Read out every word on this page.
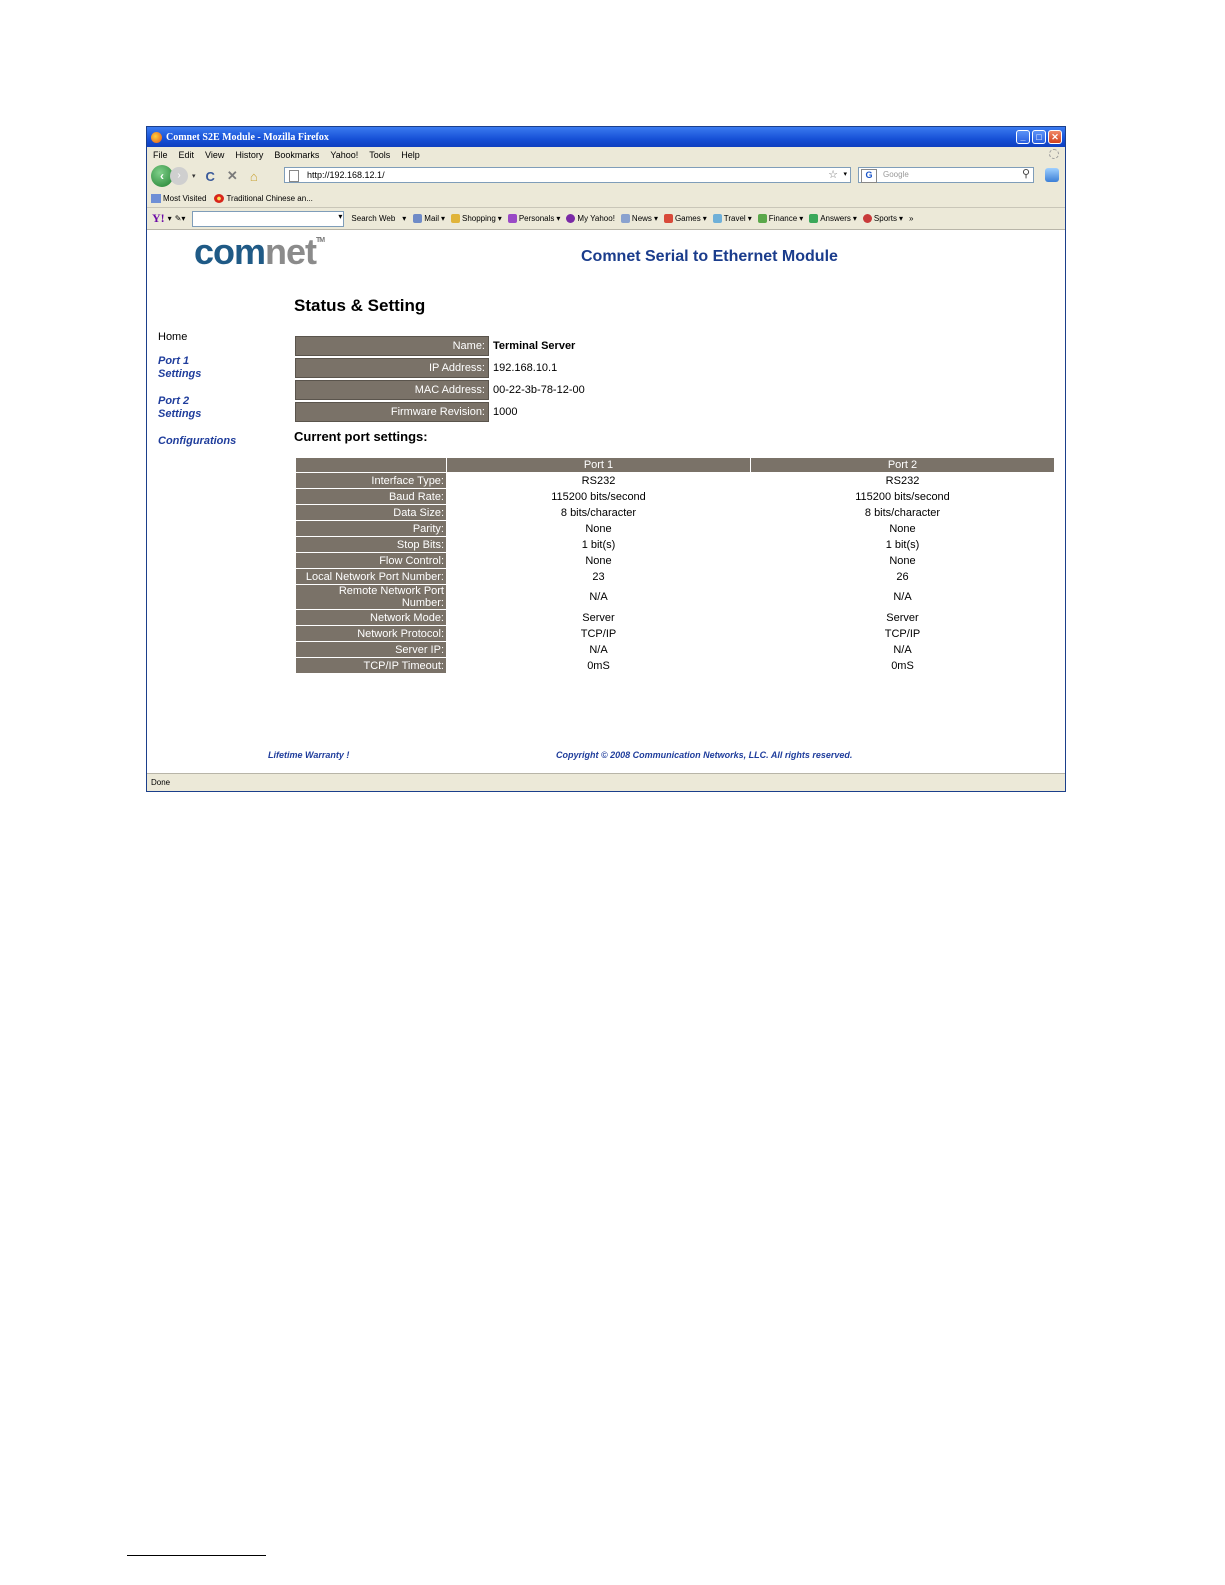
Comnet S2E Module - Mozilla Firefox	_	□	✕
File Edit View History Bookmarks Yahoo! Tools Help
‹	›	▾ C ✕ ⌂	http://192.168.12.1/	☆ ▾	G	Google	⚲
Most Visited	Traditional Chinese an...
Y! ▾ ✎▾ ▾	Search Web ▾ Mail ▾ Shopping ▾ Personals ▾ My Yahoo! News ▾ Games ▾ Travel ▾ Finance ▾ Answers ▾ Sports ▾ »
comnet™
Comnet Serial to Ethernet Module
Home
Port 1 Settings
Port 2 Settings
Configurations
Status & Setting
Name:	Terminal Server
IP Address:	192.168.10.1
MAC Address:	00-22-3b-78-12-00
Firmware Revision:	1000
Current port settings:
	Port 1	Port 2
Interface Type:	RS232	RS232
Baud Rate:	115200 bits/second	115200 bits/second
Data Size:	8 bits/character	8 bits/character
Parity:	None	None
Stop Bits:	1 bit(s)	1 bit(s)
Flow Control:	None	None
Local Network Port Number:	23	26
Remote Network Port Number:	N/A	N/A
Network Mode:	Server	Server
Network Protocol:	TCP/IP	TCP/IP
Server IP:	N/A	N/A
TCP/IP Timeout:	0mS	0mS
Lifetime Warranty !	Copyright © 2008 Communication Networks, LLC. All rights reserved.
Done
